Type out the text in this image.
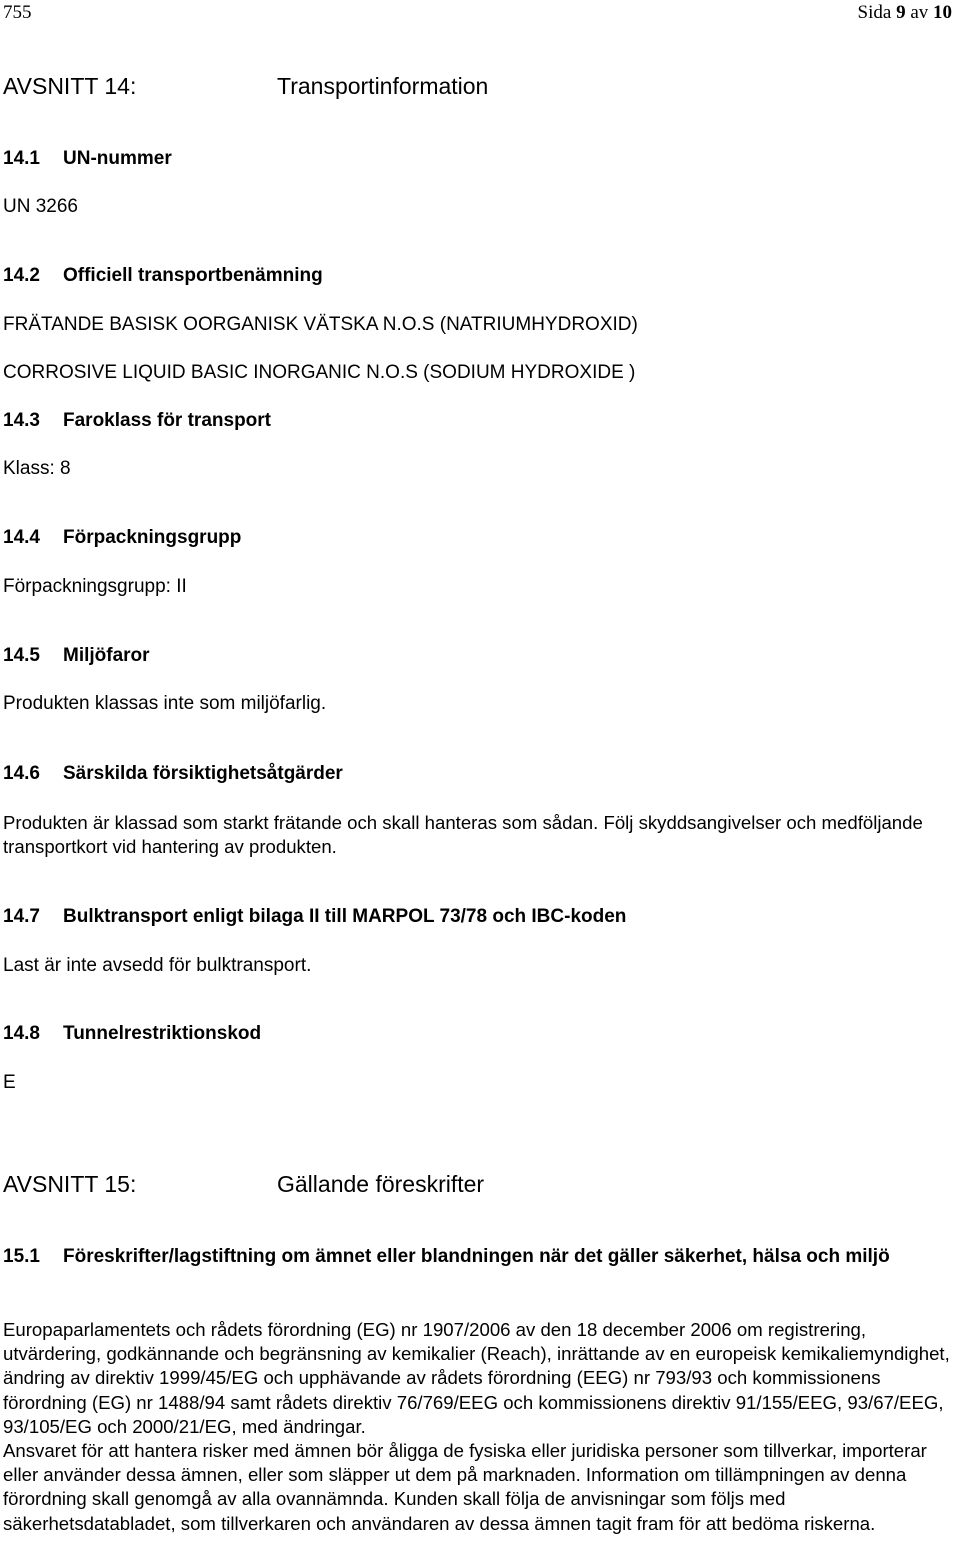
755	Sida 9 av 10
AVSNITT 14:	Transportinformation
14.1 UN-nummer
UN 3266
14.2 Officiell transportbenämning
FRÄTANDE BASISK OORGANISK VÄTSKA N.O.S (NATRIUMHYDROXID)
CORROSIVE LIQUID BASIC INORGANIC N.O.S (SODIUM HYDROXIDE )
14.3 Faroklass för transport
Klass: 8
14.4 Förpackningsgrupp
Förpackningsgrupp: II
14.5 Miljöfaror
Produkten klassas inte som miljöfarlig.
14.6 Särskilda försiktighetsåtgärder
Produkten är klassad som starkt frätande och skall hanteras som sådan. Följ skyddsangivelser och medföljande transportkort vid hantering av produkten.
14.7 Bulktransport enligt bilaga II till MARPOL 73/78 och IBC-koden
Last är inte avsedd för bulktransport.
14.8 Tunnelrestriktionskod
E
AVSNITT 15:	Gällande föreskrifter
15.1 Föreskrifter/lagstiftning om ämnet eller blandningen när det gäller säkerhet, hälsa och miljö
Europaparlamentets och rådets förordning (EG) nr 1907/2006 av den 18 december 2006 om registrering, utvärdering, godkännande och begränsning av kemikalier (Reach), inrättande av en europeisk kemikaliemyndighet, ändring av direktiv 1999/45/EG och upphävande av rådets förordning (EEG) nr 793/93 och kommissionens förordning (EG) nr 1488/94 samt rådets direktiv 76/769/EEG och kommissionens direktiv 91/155/EEG, 93/67/EEG, 93/105/EG och 2000/21/EG, med ändringar.
Ansvaret för att hantera risker med ämnen bör åligga de fysiska eller juridiska personer som tillverkar, importerar eller använder dessa ämnen, eller som släpper ut dem på marknaden. Information om tillämpningen av denna förordning skall genomgå av alla ovannämnda. Kunden skall följa de anvisningar som följs med säkerhetsdatabladet, som tillverkaren och användaren av dessa ämnen tagit fram för att bedöma riskerna.
